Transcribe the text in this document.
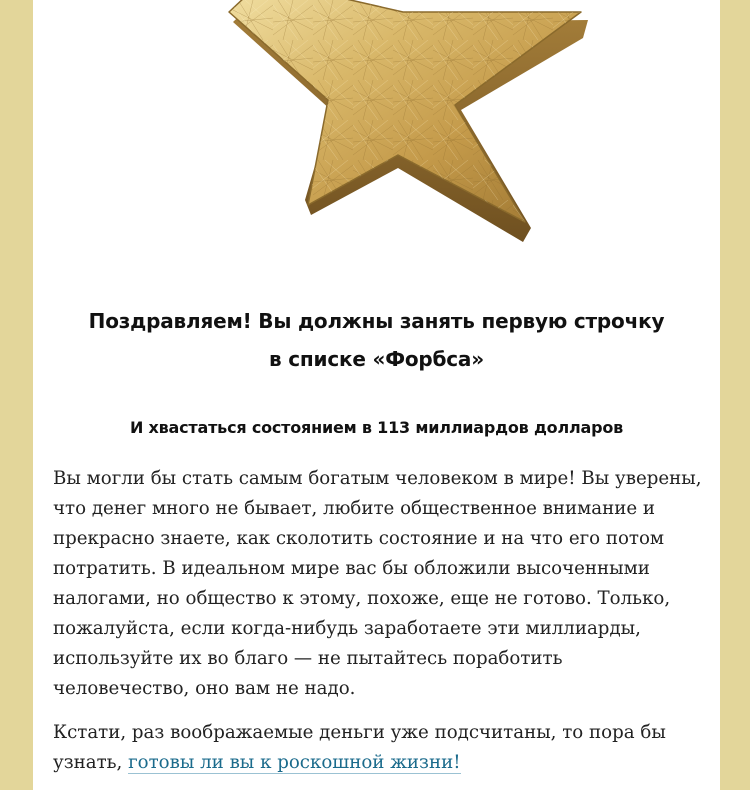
Поздравляем! Вы должны занять первую строчку
в списке «Форбса»
И хвастаться состоянием в 113 миллиардов долларов

Вы могли бы стать самым богатым человеком в мире! Вы уверены, что денег много не бывает, любите общественное внимание и прекрасно знаете, как сколотить состояние и на что его потом потратить. В идеальном мире вас бы обложили высоченными налогами, но общество к этому, похоже, еще не готово. Только, пожалуйста, если когда-нибудь заработаете эти миллиарды, используйте их во благо — не пытайтесь поработить человечество, оно вам не надо.

Кстати, раз воображаемые деньги уже подсчитаны, то пора бы узнать, готовы ли вы к роскошной жизни!
